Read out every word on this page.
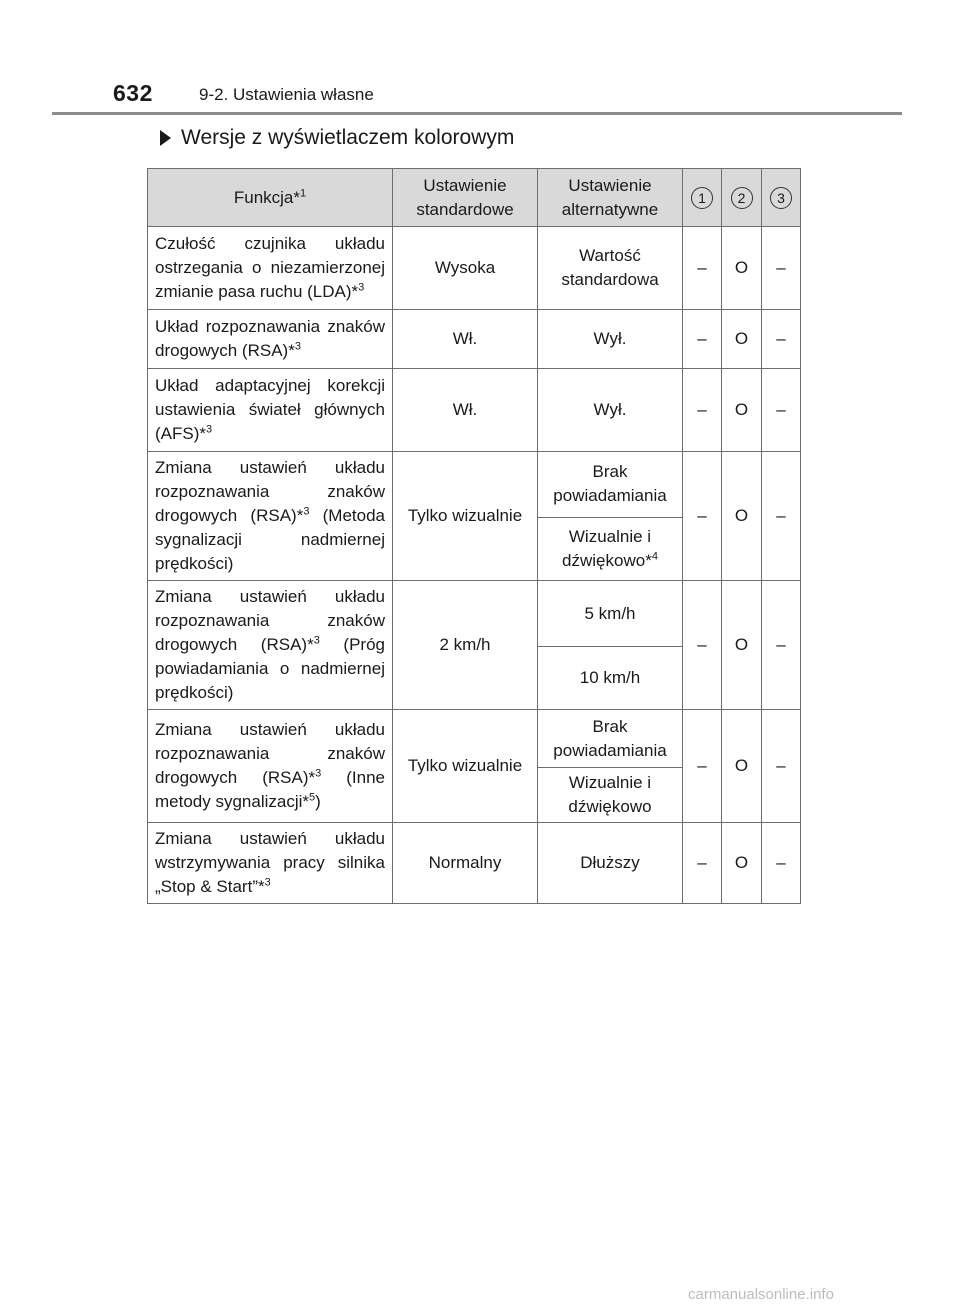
632	9-2. Ustawienia własne
Wersje z wyświetlaczem kolorowym
Funkcja*$^1$	Ustawienie standardowe	Ustawienie alternatywne	1	2	3
Czułość czujnika układu ostrzegania o niezamierzonej zmianie pasa ruchu (LDA)*$^3$	Wysoka	Wartość standardowa	–	O	–
Układ rozpoznawania znaków drogowych (RSA)*$^3$	Wł.	Wył.	–	O	–
Układ adaptacyjnej korekcji ustawienia świateł głównych (AFS)*$^3$	Wł.	Wył.	–	O	–
Zmiana ustawień układu rozpoznawania znaków drogowych (RSA)*$^3$ (Metoda sygnalizacji nadmiernej prędkości)	Tylko wizualnie	Brak powiadamiania	–	O	–
		Wizualnie i dźwiękowo*$^4$
Zmiana ustawień układu rozpoznawania znaków drogowych (RSA)*$^3$ (Próg powiadamiania o nadmiernej prędkości)	2 km/h	5 km/h	–	O	–
		10 km/h			
Zmiana ustawień układu rozpoznawania znaków drogowych (RSA)*$^3$ (Inne metody sygnalizacji*$^5$)	Tylko wizualnie	Brak powiadamiania	–	O	–
		Wizualnie i dźwiękowo			
Zmiana ustawień układu wstrzymywania pracy silnika „Stop & Start”*$^3$	Normalny	Dłuższy	–	O	–
carmanualsonline.info
